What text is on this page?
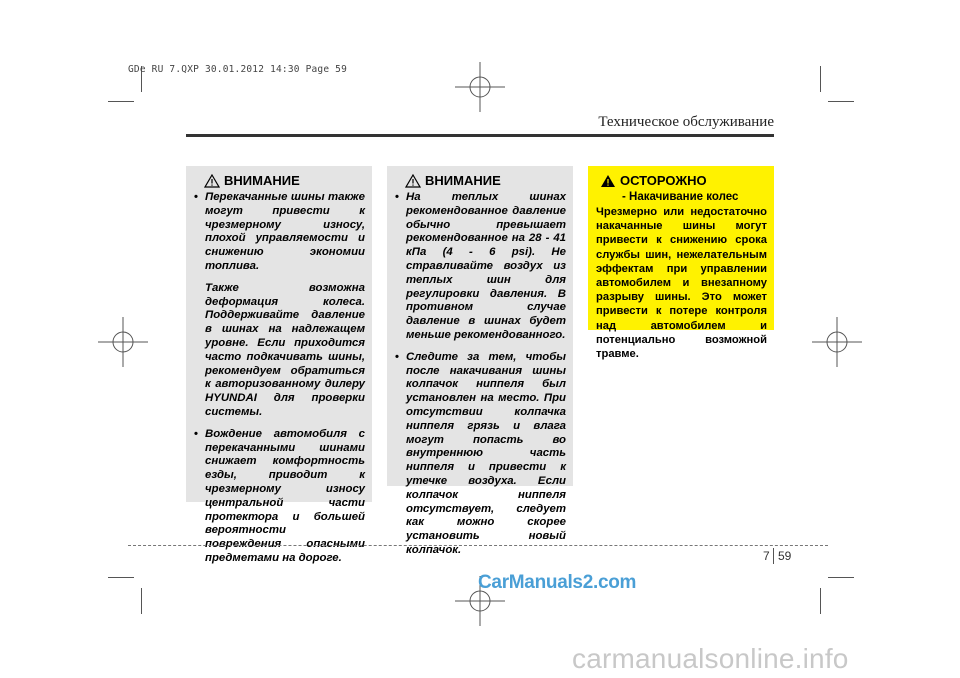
GDe RU 7.QXP 30.01.2012 14:30 Page 59
Техническое обслуживание
ВНИМАНИЕ
• Перекачанные шины также могут привести к чрезмерному износу, плохой управляемости и снижению экономии топлива.

Также возможна деформация колеса. Поддерживайте давление в шинах на надлежащем уровне. Если приходится часто подкачивать шины, рекомендуем обратиться к авторизованному дилеру HYUNDAI для проверки системы.

• Вождение автомобиля с перекачанными шинами снижает комфортность езды, приводит к чрезмерному износу центральной части протектора и большей вероятности повреждения опасными предметами на дороге.

ВНИМАНИЕ
• На теплых шинах рекомендованное давление обычно превышает рекомендованное на 28 - 41 кПа (4 - 6 psi). Не стравливайте воздух из теплых шин для регулировки давления. В противном случае давление в шинах будет меньше рекомендованного.

• Следите за тем, чтобы после накачивания шины колпачок ниппеля был установлен на место. При отсутствии колпачка ниппеля грязь и влага могут попасть во внутреннюю часть ниппеля и привести к утечке воздуха. Если колпачок ниппеля отсутствует, следует как можно скорее установить новый колпачок.

ОСТОРОЖНО
- Накачивание колес

Чрезмерно или недостаточно накачанные шины могут привести к снижению срока службы шин, нежелательным эффектам при управлении автомобилем и внезапному разрыву шины. Это может привести к потере контроля над автомобилем и потенциально возможной травме.

7 59
CarManuals2.com
carmanualsonline.info
